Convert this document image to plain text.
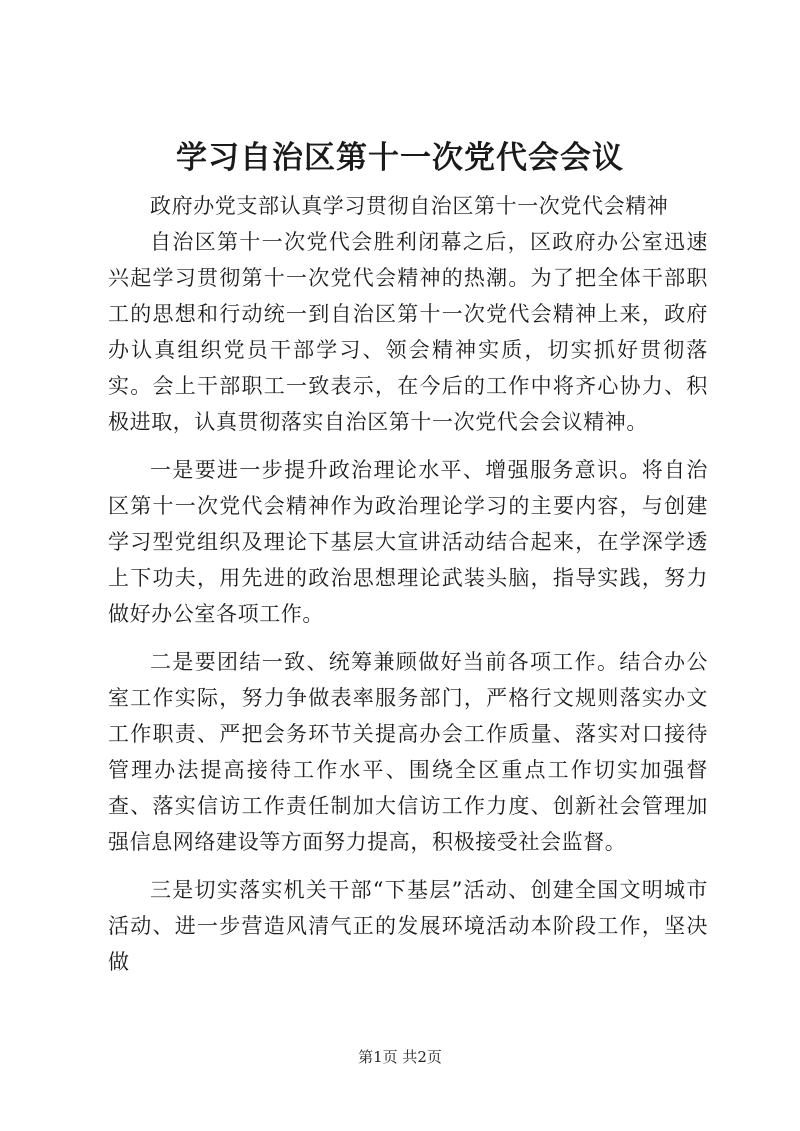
学习自治区第十一次党代会会议

政府办党支部认真学习贯彻自治区第十一次党代会精神

自治区第十一次党代会胜利闭幕之后，区政府办公室迅速兴起学习贯彻第十一次党代会精神的热潮。为了把全体干部职工的思想和行动统一到自治区第十一次党代会精神上来，政府办认真组织党员干部学习、领会精神实质，切实抓好贯彻落实。会上干部职工一致表示，在今后的工作中将齐心协力、积极进取，认真贯彻落实自治区第十一次党代会会议精神。

一是要进一步提升政治理论水平、增强服务意识。将自治区第十一次党代会精神作为政治理论学习的主要内容，与创建学习型党组织及理论下基层大宣讲活动结合起来，在学深学透上下功夫，用先进的政治思想理论武装头脑，指导实践，努力做好办公室各项工作。

二是要团结一致、统筹兼顾做好当前各项工作。结合办公室工作实际，努力争做表率服务部门，严格行文规则落实办文工作职责、严把会务环节关提高办会工作质量、落实对口接待管理办法提高接待工作水平、围绕全区重点工作切实加强督查、落实信访工作责任制加大信访工作力度、创新社会管理加强信息网络建设等方面努力提高，积极接受社会监督。

三是切实落实机关干部“下基层”活动、创建全国文明城市活动、进一步营造风清气正的发展环境活动本阶段工作，坚决做

第1页 共2页
